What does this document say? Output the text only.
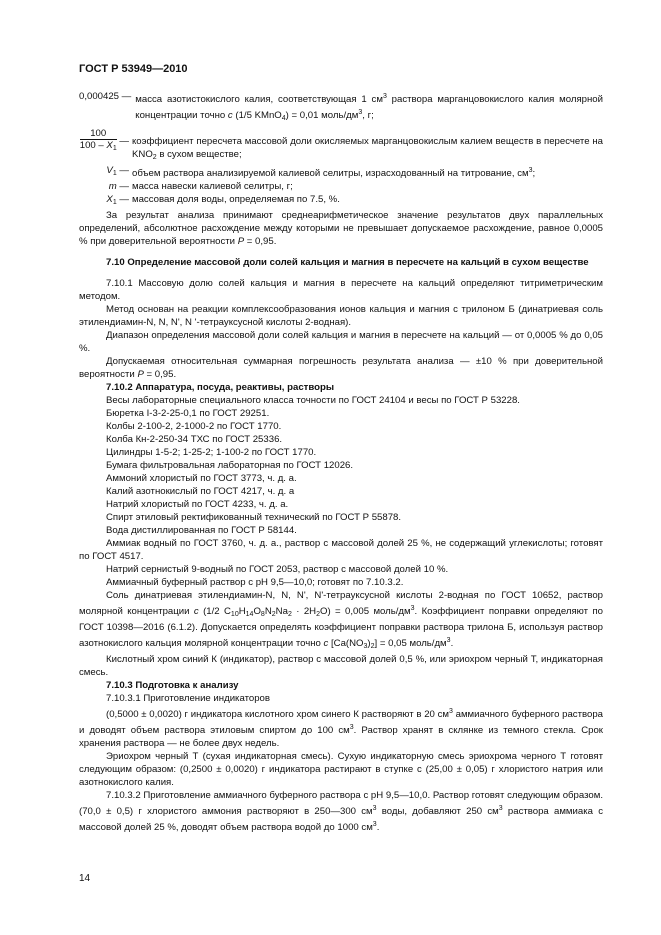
ГОСТ Р 53949—2010
0,000425 — масса азотистокислого калия, соответствующая 1 $см^3$ раствора марганцовокислого калия молярной концентрации точно с (1/5 KMnO$_4$) = 0,01 моль/$дм^3$, г;
$\frac{100}{100 - X_1}$ — коэффициент пересчета массовой доли окисляемых марганцовокислым калием веществ в пересчете на $KNO_2$ в сухом веществе;
$V_1$ — объем раствора анализируемой калиевой селитры, израсходованный на титрование, $см^3$;
m — масса навески калиевой селитры, г;
$X_1$ — массовая доля воды, определяемая по 7.5, %.

За результат анализа принимают среднеарифметическое значение результатов двух параллельных определений, абсолютное расхождение между которыми не превышает допускаемое расхождение, равное 0,0005 % при доверительной вероятности P = 0,95.

7.10 Определение массовой доли солей кальция и магния в пересчете на кальций в сухом веществе

7.10.1 Массовую долю солей кальция и магния в пересчете на кальций определяют титриметрическим методом.

Метод основан на реакции комплексообразования ионов кальция и магния с трилоном Б (динатриевая соль этилендиамин-N, N, N', N '-тетрауксусной кислоты 2-водная).

Диапазон определения массовой доли солей кальция и магния в пересчете на кальций — от 0,0005 % до 0,05 %.

Допускаемая относительная суммарная погрешность результата анализа — ±10 % при доверительной вероятности P = 0,95.

7.10.2 Аппаратура, посуда, реактивы, растворы

Весы лабораторные специального класса точности по ГОСТ 24104 и весы по ГОСТ Р 53228.

Бюретка I-3-2-25-0,1 по ГОСТ 29251.

Колбы 2-100-2, 2-1000-2 по ГОСТ 1770.

Колба Кн-2-250-34 ТХС по ГОСТ 25336.

Цилиндры 1-5-2; 1-25-2; 1-100-2 по ГОСТ 1770.

Бумага фильтровальная лабораторная по ГОСТ 12026.

Аммоний хлористый по ГОСТ 3773, ч. д. а.

Калий азотнокислый по ГОСТ 4217, ч. д. а

Натрий хлористый по ГОСТ 4233, ч. д. а.

Спирт этиловый ректификованный технический по ГОСТ Р 55878.

Вода дистиллированная по ГОСТ Р 58144.

Аммиак водный по ГОСТ 3760, ч. д. а., раствор с массовой долей 25 %, не содержащий углекислоты; готовят по ГОСТ 4517.

Натрий сернистый 9-водный по ГОСТ 2053, раствор с массовой долей 10 %.

Аммиачный буферный раствор с рН 9,5—10,0; готовят по 7.10.3.2.

Соль динатриевая этилендиамин-N, N, N', N'-тетрауксусной кислоты 2-водная по ГОСТ 10652, раствор молярной концентрации с (1/2 $C_{10}H_{14}O_8N_2Na_2 \cdot 2H_2O) = 0,005$ моль/$дм^3$. Коэффициент поправки определяют по ГОСТ 10398—2016 (6.1.2). Допускается определять коэффициент поправки раствора трилона Б, используя раствор азотнокислого кальция молярной концентрации точно с $[Ca(NO_3)_2] = 0,05$ моль/$дм^3$.

Кислотный хром синий К (индикатор), раствор с массовой долей 0,5 %, или эриохром черный Т, индикаторная смесь.

7.10.3 Подготовка к анализу

7.10.3.1 Приготовление индикаторов

(0,5000 ± 0,0020) г индикатора кислотного хром синего К растворяют в 20 $см^3$ аммиачного буферного раствора и доводят объем раствора этиловым спиртом до 100 $см^3$. Раствор хранят в склянке из темного стекла. Срок хранения раствора — не более двух недель.

Эриохром черный Т (сухая индикаторная смесь). Сухую индикаторную смесь эриохрома черного Т готовят следующим образом: (0,2500 ± 0,0020) г индикатора растирают в ступке с (25,00 ± 0,05) г хлористого натрия или азотнокислого калия.

7.10.3.2 Приготовление аммиачного буферного раствора с рН 9,5—10,0. Раствор готовят следующим образом. (70,0 ± 0,5) г хлористого аммония растворяют в 250—300 $см^3$ воды, добавляют 250 $см^3$ раствора аммиака с массовой долей 25 %, доводят объем раствора водой до 1000 $см^3$.

14
